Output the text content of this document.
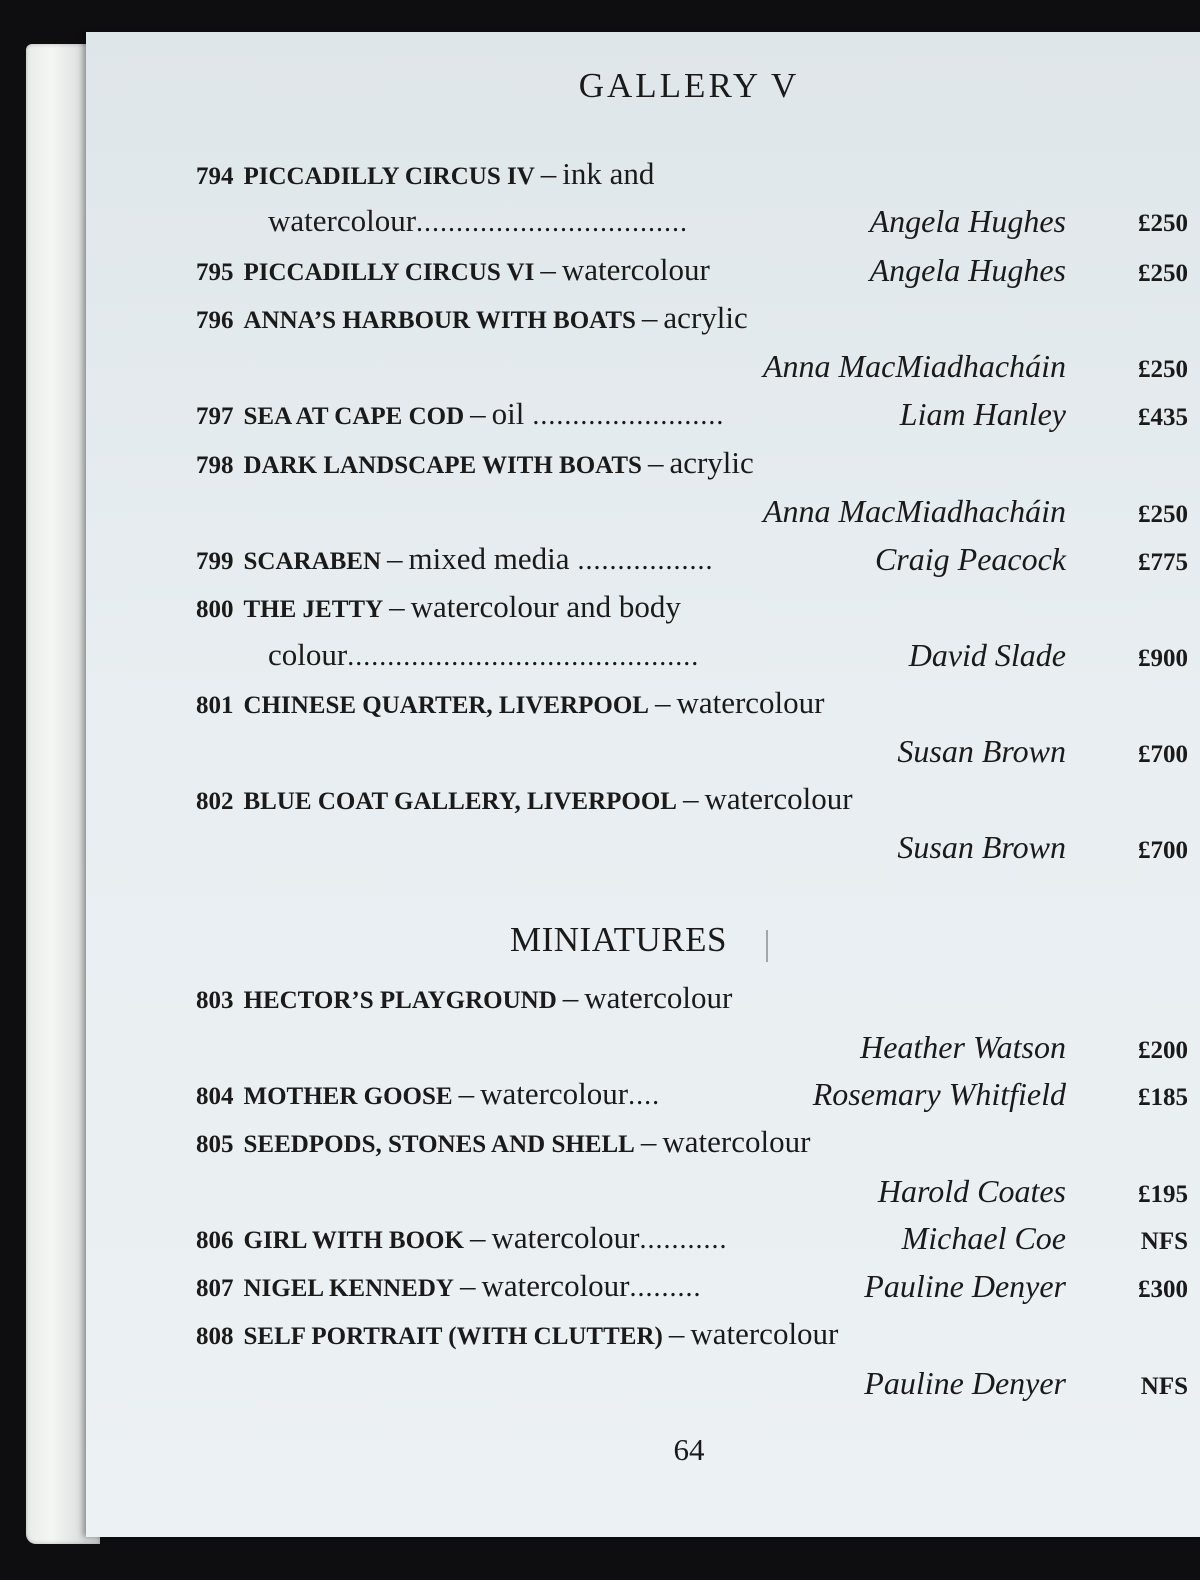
GALLERY V
794 PICCADILLY CIRCUS IV – ink and
watercolour..................................	Angela Hughes	£250
795 PICCADILLY CIRCUS VI – watercolour	Angela Hughes	£250
796 ANNA’S HARBOUR WITH BOATS – acrylic
Anna MacMiadhacháin	£250
797 SEA AT CAPE COD – oil ........................	Liam Hanley	£435
798 DARK LANDSCAPE WITH BOATS – acrylic
Anna MacMiadhacháin	£250
799 SCARABEN – mixed media .................	Craig Peacock	£775
800 THE JETTY – watercolour and body
colour............................................	David Slade	£900
801 CHINESE QUARTER, LIVERPOOL – watercolour
Susan Brown	£700
802 BLUE COAT GALLERY, LIVERPOOL – watercolour
Susan Brown	£700
MINIATURES
803 HECTOR’S PLAYGROUND – watercolour
Heather Watson	£200
804 MOTHER GOOSE – watercolour....	Rosemary Whitfield	£185
805 SEEDPODS, STONES AND SHELL – watercolour
Harold Coates	£195
806 GIRL WITH BOOK – watercolour...........	Michael Coe	NFS
807 NIGEL KENNEDY – watercolour.........	Pauline Denyer	£300
808 SELF PORTRAIT (WITH CLUTTER) – watercolour
Pauline Denyer	NFS
64
